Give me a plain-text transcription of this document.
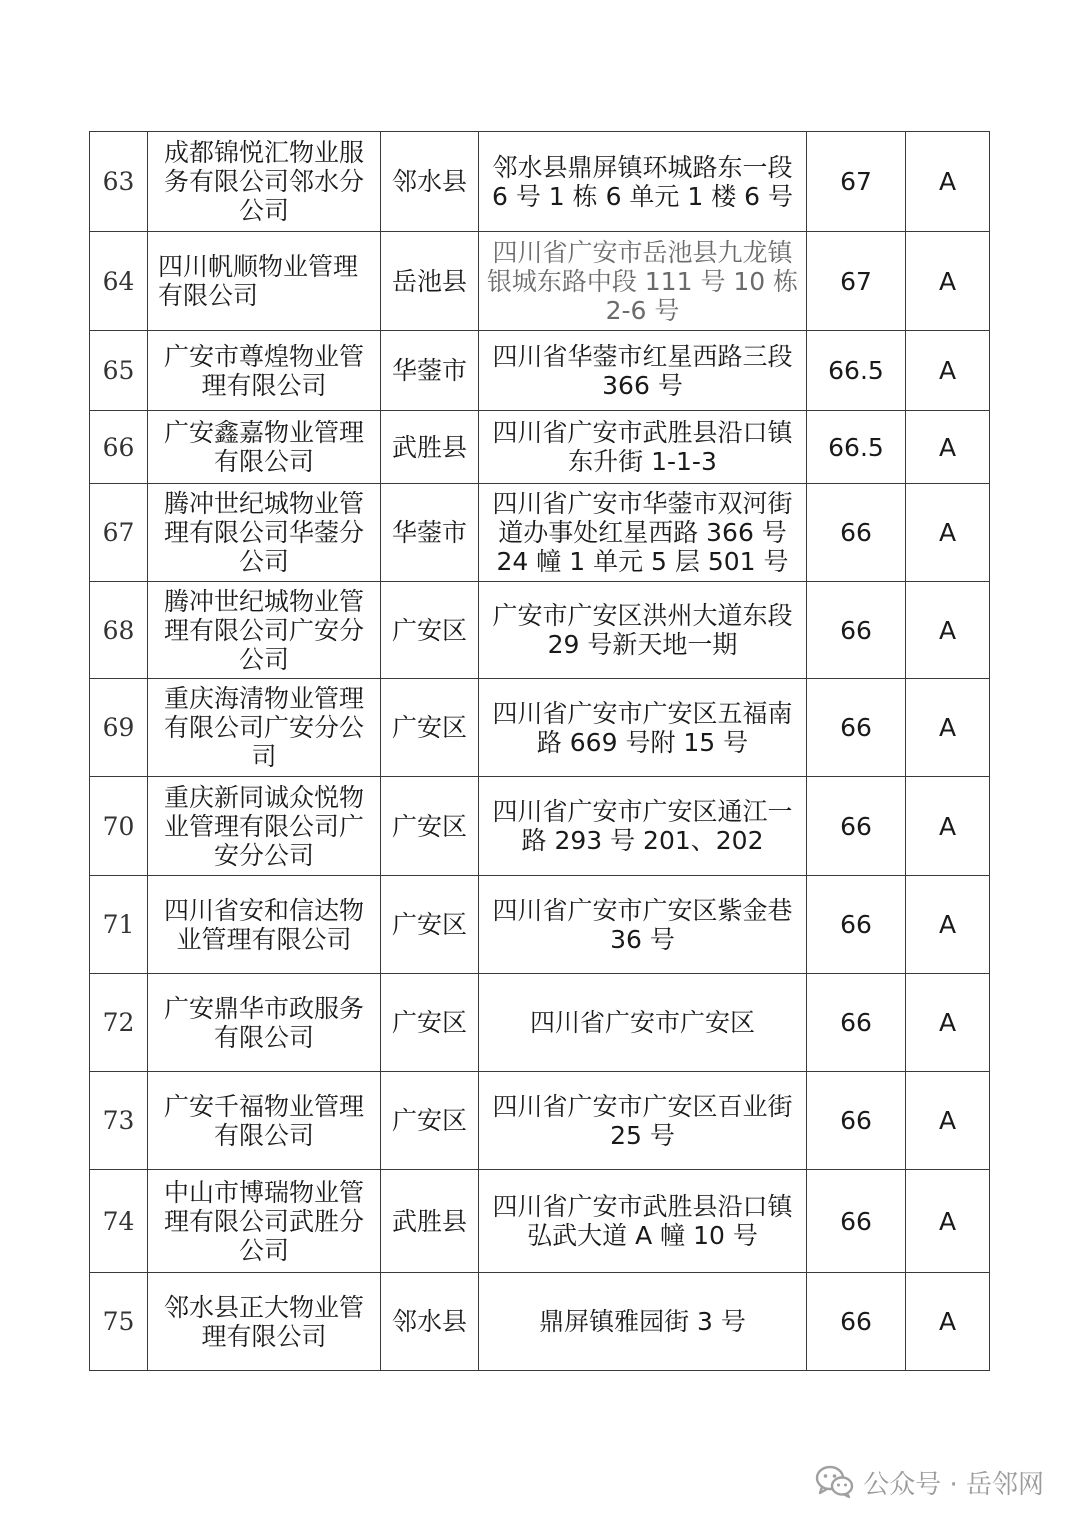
63	成都锦悦汇物业服务有限公司邻水分公司	邻水县	邻水县鼎屏镇环城路东一段 6 号 1 栋 6 单元 1 楼 6 号	67	A
64	四川帆顺物业管理有限公司	岳池县	四川省广安市岳池县九龙镇银城东路中段 111 号 10 栋 2-6 号	67	A
65	广安市尊煌物业管理有限公司	华蓥市	四川省华蓥市红星西路三段 366 号	66.5	A
66	广安鑫嘉物业管理有限公司	武胜县	四川省广安市武胜县沿口镇东升街 1-1-3	66.5	A
67	腾冲世纪城物业管理有限公司华蓥分公司	华蓥市	四川省广安市华蓥市双河街道办事处红星西路 366 号 24 幢 1 单元 5 层 501 号	66	A
68	腾冲世纪城物业管理有限公司广安分公司	广安区	广安市广安区洪州大道东段 29 号新天地一期	66	A
69	重庆海清物业管理有限公司广安分公司	广安区	四川省广安市广安区五福南路 669 号附 15 号	66	A
70	重庆新同诚众悦物业管理有限公司广安分公司	广安区	四川省广安市广安区通江一路 293 号 201、202	66	A
71	四川省安和信达物业管理有限公司	广安区	四川省广安市广安区紫金巷 36 号	66	A
72	广安鼎华市政服务有限公司	广安区	四川省广安市广安区	66	A
73	广安千福物业管理有限公司	广安区	四川省广安市广安区百业街 25 号	66	A
74	中山市博瑞物业管理有限公司武胜分公司	武胜县	四川省广安市武胜县沿口镇弘武大道 A 幢 10 号	66	A
75	邻水县正大物业管理有限公司	邻水县	鼎屏镇雅园街 3 号	66	A
公众号 · 岳邻网
